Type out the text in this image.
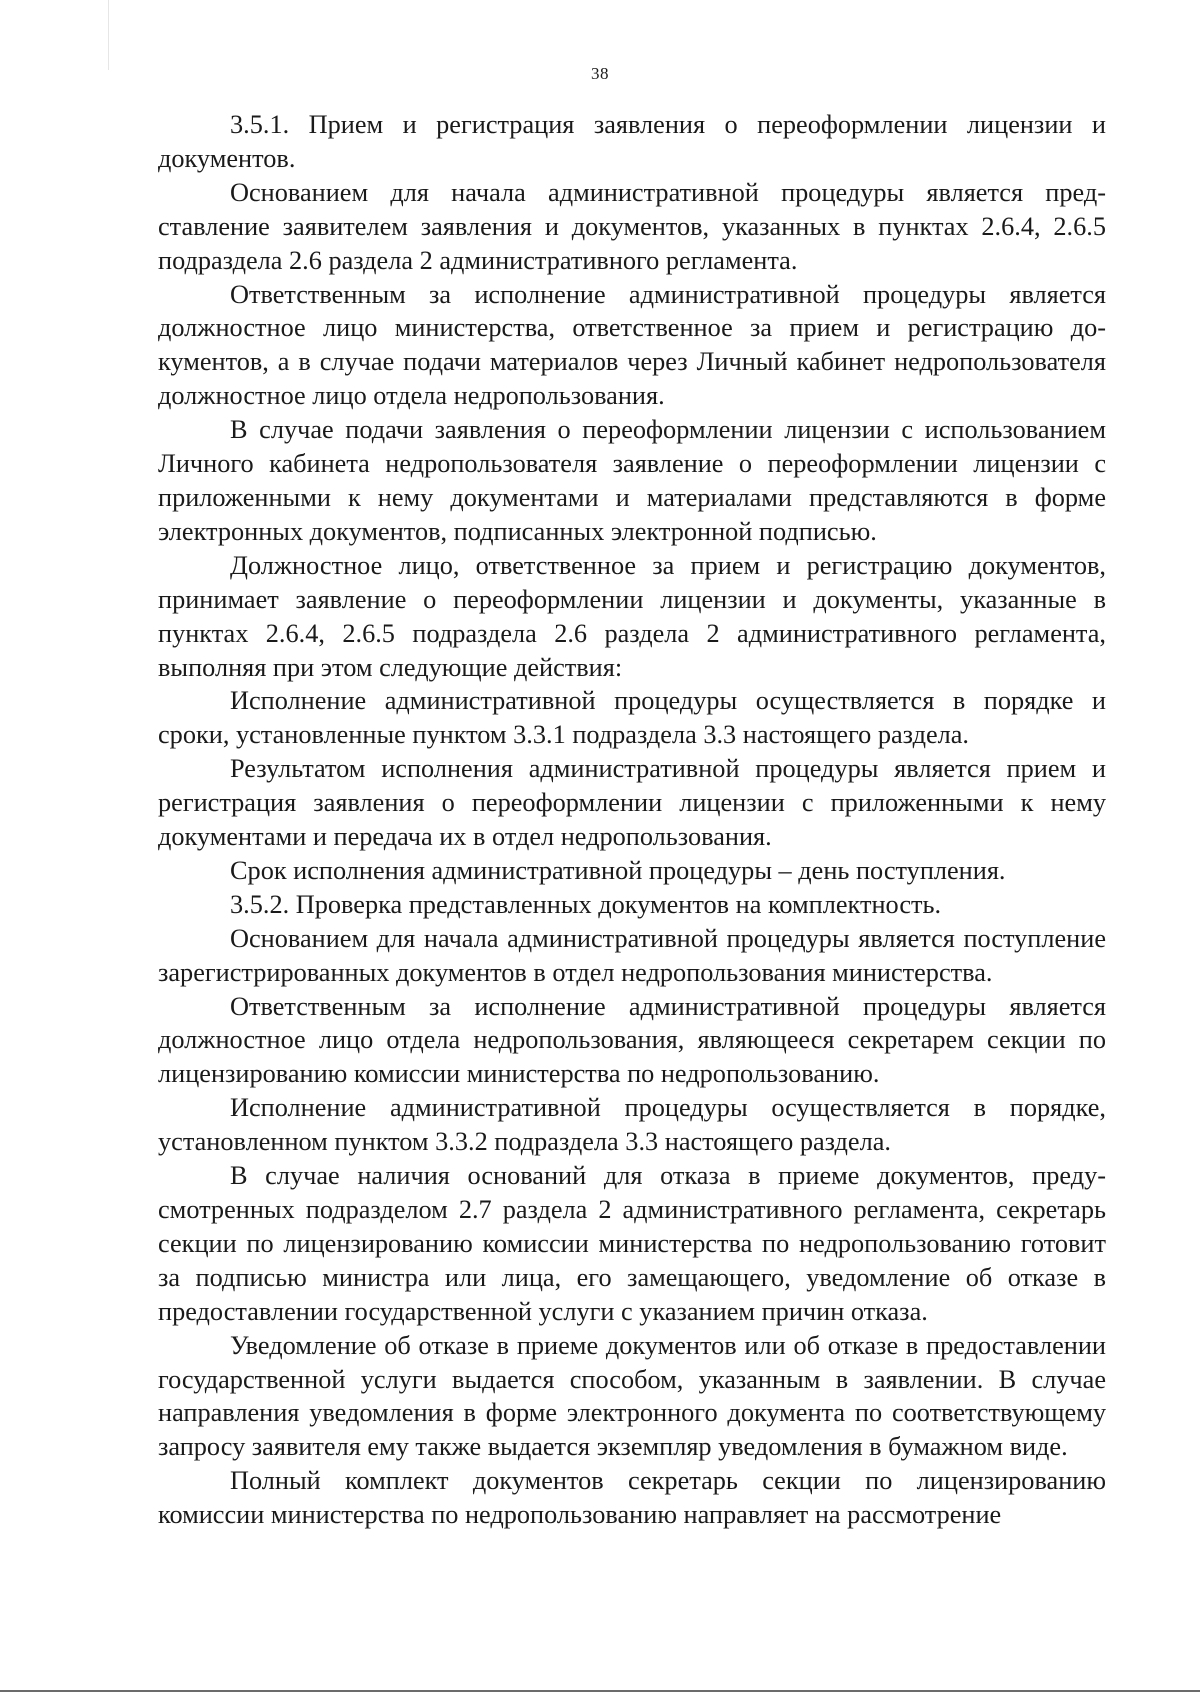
38

3.5.1. Прием и регистрация заявления о переоформлении лицензии и документов.

Основанием для начала административной процедуры является представление заявителем заявления и документов, указанных в пунктах 2.6.4, 2.6.5 подраздела 2.6 раздела 2 административного регламента.

Ответственным за исполнение административной процедуры является должностное лицо министерства, ответственное за прием и регистрацию документов, а в случае подачи материалов через Личный кабинет недропользователя должностное лицо отдела недропользования.

В случае подачи заявления о переоформлении лицензии с использованием Личного кабинета недропользователя заявление о переоформлении лицензии с приложенными к нему документами и материалами представляются в форме электронных документов, подписанных электронной подписью.

Должностное лицо, ответственное за прием и регистрацию документов, принимает заявление о переоформлении лицензии и документы, указанные в пунктах 2.6.4, 2.6.5 подраздела 2.6 раздела 2 административного регламента, выполняя при этом следующие действия:

Исполнение административной процедуры осуществляется в порядке и сроки, установленные пунктом 3.3.1 подраздела 3.3 настоящего раздела.

Результатом исполнения административной процедуры является прием и регистрация заявления о переоформлении лицензии с приложенными к нему документами и передача их в отдел недропользования.

Срок исполнения административной процедуры – день поступления.

3.5.2. Проверка представленных документов на комплектность.

Основанием для начала административной процедуры является поступление зарегистрированных документов в отдел недропользования министерства.

Ответственным за исполнение административной процедуры является должностное лицо отдела недропользования, являющееся секретарем секции по лицензированию комиссии министерства по недропользованию.

Исполнение административной процедуры осуществляется в порядке, установленном пунктом 3.3.2 подраздела 3.3 настоящего раздела.

В случае наличия оснований для отказа в приеме документов, предусмотренных подразделом 2.7 раздела 2 административного регламента, секретарь секции по лицензированию комиссии министерства по недропользованию готовит за подписью министра или лица, его замещающего, уведомление об отказе в предоставлении государственной услуги с указанием причин отказа.

Уведомление об отказе в приеме документов или об отказе в предоставлении государственной услуги выдается способом, указанным в заявлении. В случае направления уведомления в форме электронного документа по соответствующему запросу заявителя ему также выдается экземпляр уведомления в бумажном виде.

Полный комплект документов секретарь секции по лицензированию комиссии министерства по недропользованию направляет на рассмотрение
